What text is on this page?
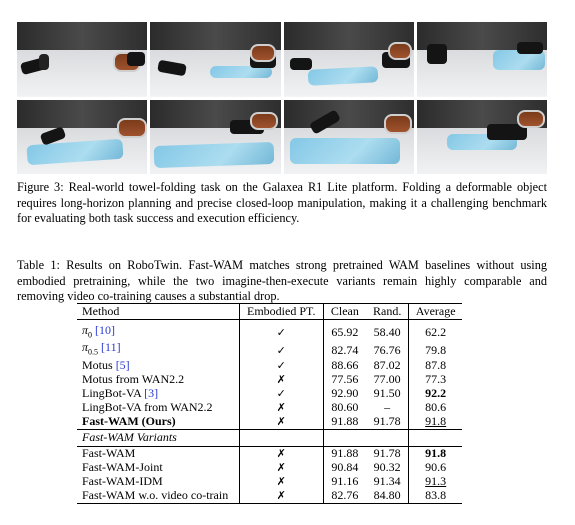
Figure 3: Real-world towel-folding task on the Galaxea R1 Lite platform. Folding a deformable object requires long-horizon planning and precise closed-loop manipulation, making it a challenging benchmark for evaluating both task success and execution efficiency.
Table 1: Results on RoboTwin. Fast-WAM matches strong pretrained WAM baselines without using embodied pretraining, while the two imagine-then-execute variants remain highly comparable and removing video co-training causes a substantial drop.
Method	Embodied PT.	Clean	Rand.	Average

$\pi_0$ [10]	✓	65.92	58.40	62.2
$\pi_{0.5}$ [11]	✓	82.74	76.76	79.8
Motus [5]	✓	88.66	87.02	87.8
Motus from WAN2.2	✗	77.56	77.00	77.3
LingBot-VA [3]	✓	92.90	91.50	92.2
LingBot-VA from WAN2.2	✗	80.60	–	80.6
Fast-WAM (Ours)	✗	91.88	91.78	91.8
Fast-WAM Variants				
Fast-WAM	✗	91.88	91.78	91.8
Fast-WAM-Joint	✗	90.84	90.32	90.6
Fast-WAM-IDM	✗	91.16	91.34	91.3
Fast-WAM w.o. video co-train	✗	82.76	84.80	83.8
